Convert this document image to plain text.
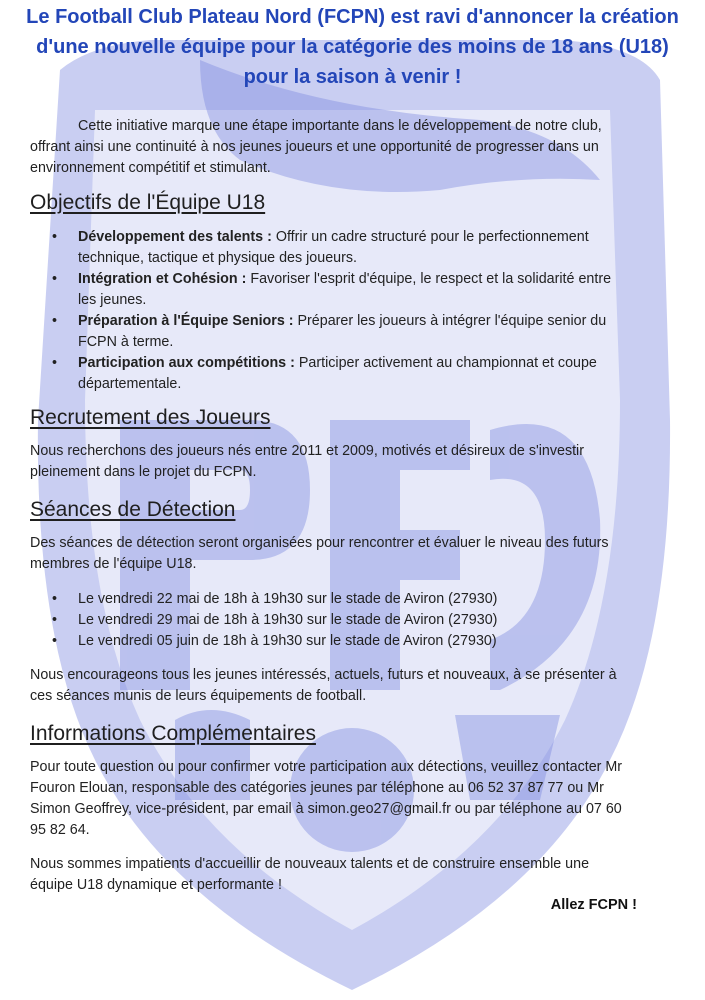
Le Football Club Plateau Nord (FCPN) est ravi d'annoncer la création d'une nouvelle équipe pour la catégorie des moins de 18 ans (U18) pour la saison à venir !
Cette initiative marque une étape importante dans le développement de notre club, offrant ainsi une continuité à nos jeunes joueurs et une opportunité de progresser dans un environnement compétitif et stimulant.
Objectifs de l'Équipe U18
• Développement des talents : Offrir un cadre structuré pour le perfectionnement technique, tactique et physique des joueurs.
• Intégration et Cohésion : Favoriser l'esprit d'équipe, le respect et la solidarité entre les jeunes.
• Préparation à l'Équipe Seniors : Préparer les joueurs à intégrer l'équipe senior du FCPN à terme.
• Participation aux compétitions : Participer activement au championnat et coupe départementale.
Recrutement des Joueurs
Nous recherchons des joueurs nés entre 2011 et 2009, motivés et désireux de s'investir pleinement dans le projet du FCPN.
Séances de Détection
Des séances de détection seront organisées pour rencontrer et évaluer le niveau des futurs membres de l'équipe U18.
• Le vendredi 22 mai de 18h à 19h30 sur le stade de Aviron (27930)
• Le vendredi 29 mai de 18h à 19h30 sur le stade de Aviron (27930)
• Le vendredi 05 juin de 18h à 19h30 sur le stade de Aviron (27930)
Nous encourageons tous les jeunes intéressés, actuels, futurs et nouveaux, à se présenter à ces séances munis de leurs équipements de football.
Informations Complémentaires
Pour toute question ou pour confirmer votre participation aux détections, veuillez contacter Mr Fouron Elouan, responsable des catégories jeunes par téléphone au 06 52 37 87 77 ou Mr Simon Geoffrey, vice-président, par email à simon.geo27@gmail.fr ou par téléphone au 07 60 95 82 64.
Nous sommes impatients d'accueillir de nouveaux talents et de construire ensemble une équipe U18 dynamique et performante !
Allez FCPN !
